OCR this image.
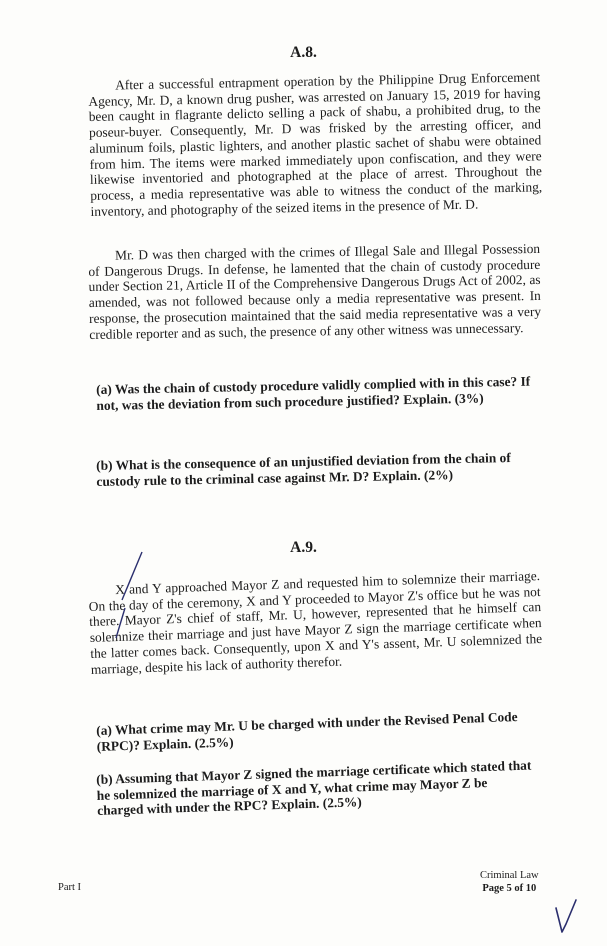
A.8.

After a successful entrapment operation by the Philippine Drug Enforcement Agency, Mr. D, a known drug pusher, was arrested on January 15, 2019 for having been caught in flagrante delicto selling a pack of shabu, a prohibited drug, to the poseur-buyer. Consequently, Mr. D was frisked by the arresting officer, and aluminum foils, plastic lighters, and another plastic sachet of shabu were obtained from him. The items were marked immediately upon confiscation, and they were likewise inventoried and photographed at the place of arrest. Throughout the process, a media representative was able to witness the conduct of the marking, inventory, and photography of the seized items in the presence of Mr. D.

Mr. D was then charged with the crimes of Illegal Sale and Illegal Possession of Dangerous Drugs. In defense, he lamented that the chain of custody procedure under Section 21, Article II of the Comprehensive Dangerous Drugs Act of 2002, as amended, was not followed because only a media representative was present. In response, the prosecution maintained that the said media representative was a very credible reporter and as such, the presence of any other witness was unnecessary.

(a) Was the chain of custody procedure validly complied with in this case? If not, was the deviation from such procedure justified? Explain. (3%)
(b) What is the consequence of an unjustified deviation from the chain of custody rule to the criminal case against Mr. D? Explain. (2%)
A.9.

X and Y approached Mayor Z and requested him to solemnize their marriage. On the day of the ceremony, X and Y proceeded to Mayor Z's office but he was not there. Mayor Z's chief of staff, Mr. U, however, represented that he himself can solemnize their marriage and just have Mayor Z sign the marriage certificate when the latter comes back. Consequently, upon X and Y's assent, Mr. U solemnized the marriage, despite his lack of authority therefor.

(a) What crime may Mr. U be charged with under the Revised Penal Code (RPC)? Explain. (2.5%)
(b) Assuming that Mayor Z signed the marriage certificate which stated that he solemnized the marriage of X and Y, what crime may Mayor Z be charged with under the RPC? Explain. (2.5%)
Part I
Criminal Law
Page 5 of 10
